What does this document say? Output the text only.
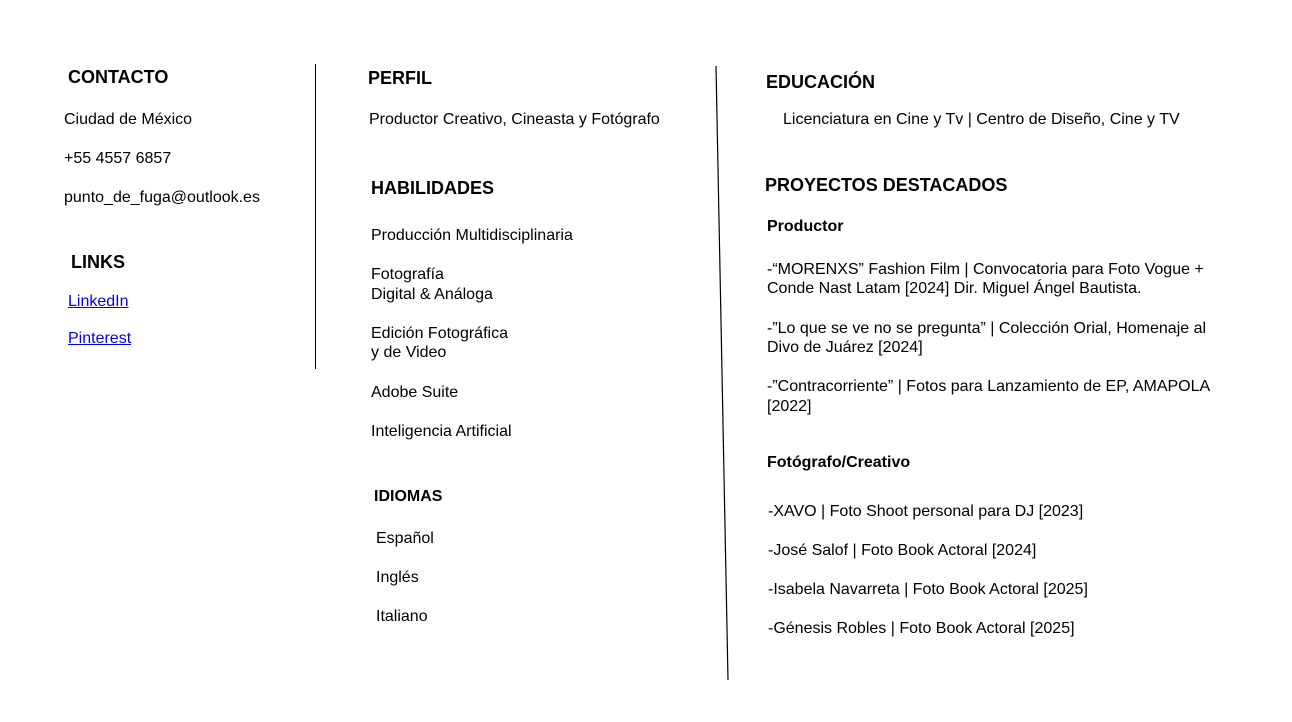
CONTACTO
Ciudad de México
+55 4557 6857
punto_de_fuga@outlook.es
LINKS
LinkedIn
Pinterest
PERFIL
Productor Creativo, Cineasta y Fotógrafo
HABILIDADES
Producción Multidisciplinaria
Fotografía
Digital & Análoga
Edición Fotográfica
y de Video
Adobe Suite
Inteligencia Artificial
IDIOMAS
Español
Inglés
Italiano
EDUCACIÓN
Licenciatura en Cine y Tv | Centro de Diseño, Cine y TV
PROYECTOS DESTACADOS
Productor
-“MORENXS” Fashion Film | Convocatoria para Foto Vogue +
Conde Nast Latam [2024] Dir. Miguel Ángel Bautista.
-”Lo que se ve no se pregunta” | Colección Orial, Homenaje al
Divo de Juárez [2024]
-”Contracorriente” | Fotos para Lanzamiento de EP, AMAPOLA
[2022]
Fotógrafo/Creativo
-XAVO | Foto Shoot personal para DJ [2023]
-José Salof | Foto Book Actoral [2024]
-Isabela Navarreta | Foto Book Actoral [2025]
-Génesis Robles | Foto Book Actoral [2025]
